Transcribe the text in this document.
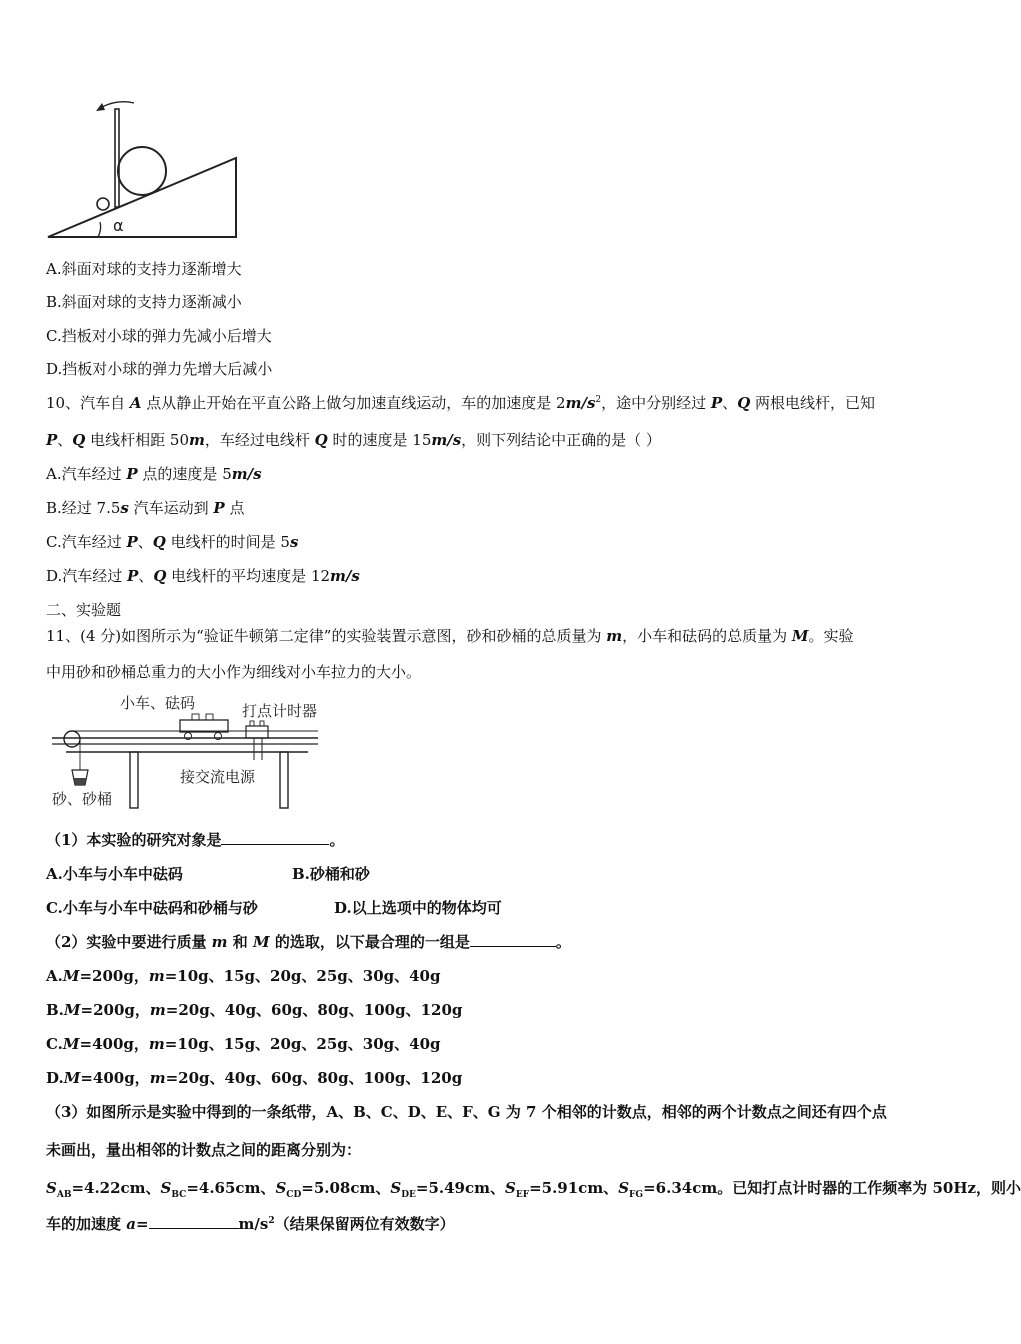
α
A.斜面对球的支持力逐渐增大
B.斜面对球的支持力逐渐减小
C.挡板对小球的弹力先减小后增大
D.挡板对小球的弹力先增大后减小
10、汽车自 A 点从静止开始在平直公路上做匀加速直线运动，车的加速度是 $2m/s^2$，途中分别经过 P、Q 两根电线杆，已知
P、Q 电线杆相距 50m，车经过电线杆 Q 时的速度是 15m/s，则下列结论中正确的是（ ）
A.汽车经过 P 点的速度是 5m/s
B.经过 7.5s 汽车运动到 P 点
C.汽车经过 P、Q 电线杆的时间是 5s
D.汽车经过 P、Q 电线杆的平均速度是 12m/s
二、实验题
11、(4 分)如图所示为“验证牛顿第二定律”的实验装置示意图，砂和砂桶的总质量为 m，小车和砝码的总质量为 M。实验
中用砂和砂桶总重力的大小作为细线对小车拉力的大小。
小车、砝码	打点计时器
接交流电源
砂、砂桶
（1）本实验的研究对象是	。
A.小车与小车中砝码	B.砂桶和砂
C.小车与小车中砝码和砂桶与砂	D.以上选项中的物体均可
（2）实验中要进行质量 m 和 M 的选取，以下最合理的一组是	。
A.M=200g，m=10g、15g、20g、25g、30g、40g
B.M=200g，m=20g、40g、60g、80g、100g、120g
C.M=400g，m=10g、15g、20g、25g、30g、40g
D.M=400g，m=20g、40g、60g、80g、100g、120g
（3）如图所示是实验中得到的一条纸带，A、B、C、D、E、F、G 为 7 个相邻的计数点，相邻的两个计数点之间还有四个点
未画出，量出相邻的计数点之间的距离分别为：
$S_{AB}=4.22cm$、$S_{BC}=4.65cm$、$S_{CD}=5.08cm$、$S_{DE}=5.49cm$、$S_{EF}=5.91cm$、$S_{FG}=6.34cm$。已知打点计时器的工作频率为 50Hz，则小
车的加速度 a=	$m/s^2$（结果保留两位有效数字）
